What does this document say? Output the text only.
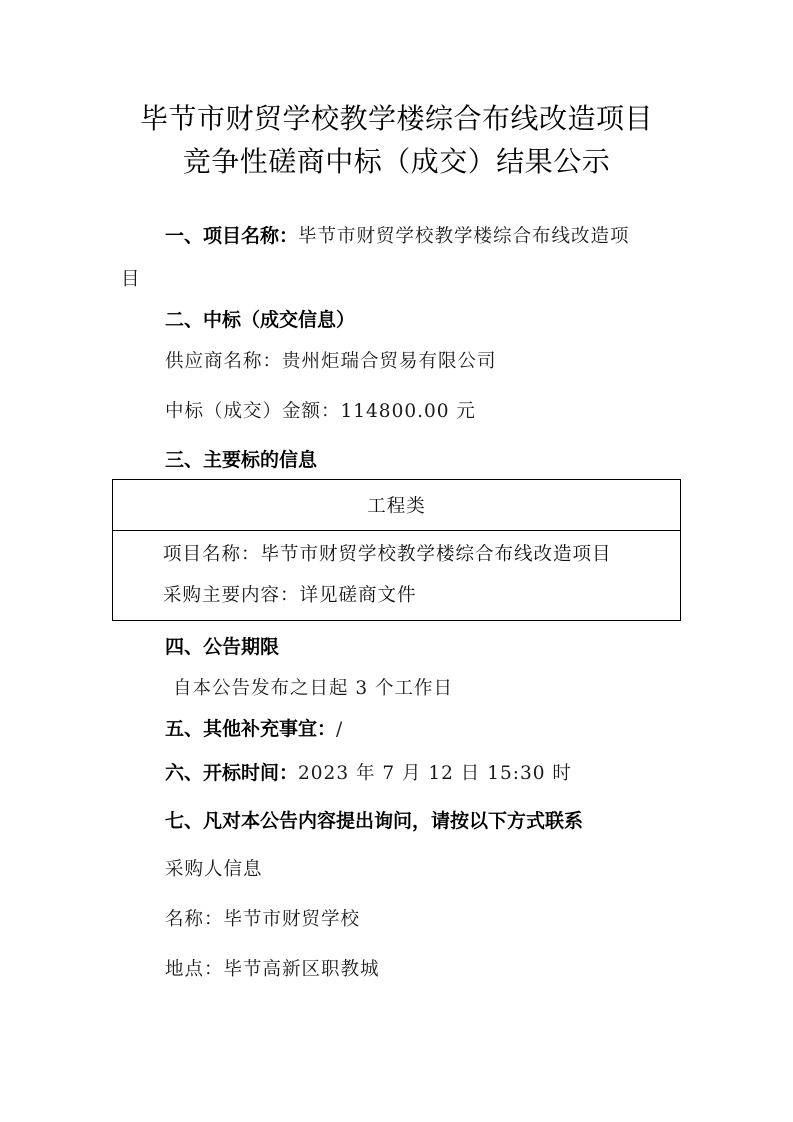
毕节市财贸学校教学楼综合布线改造项目
竞争性磋商中标（成交）结果公示
一、项目名称：毕节市财贸学校教学楼综合布线改造项
目
二、中标（成交信息）
供应商名称：贵州炬瑞合贸易有限公司
中标（成交）金额：114800.00 元
三、主要标的信息
工程类
项目名称：毕节市财贸学校教学楼综合布线改造项目
采购主要内容：详见磋商文件
四、公告期限
自本公告发布之日起 3 个工作日
五、其他补充事宜：/
六、开标时间：2023 年 7 月 12 日 15:30 时
七、凡对本公告内容提出询问，请按以下方式联系
采购人信息
名称：毕节市财贸学校
地点：毕节高新区职教城
